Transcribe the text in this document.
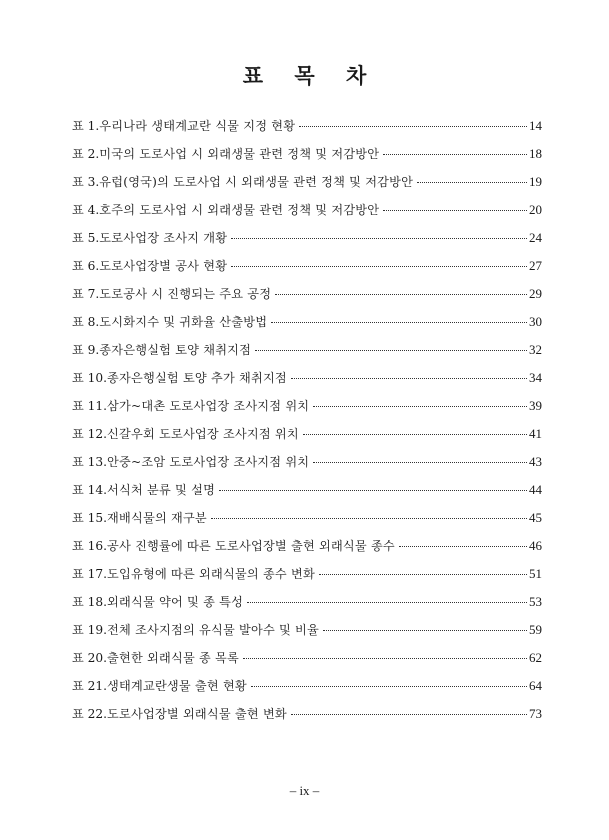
표 목 차
표 1. 우리나라 생태계교란 식물 지정 현황	14
표 2. 미국의 도로사업 시 외래생물 관련 정책 및 저감방안	18
표 3. 유럽(영국)의 도로사업 시 외래생물 관련 정책 및 저감방안	19
표 4. 호주의 도로사업 시 외래생물 관련 정책 및 저감방안	20
표 5. 도로사업장 조사지 개황	24
표 6. 도로사업장별 공사 현황	27
표 7. 도로공사 시 진행되는 주요 공정	29
표 8. 도시화지수 및 귀화율 산출방법	30
표 9. 종자은행실험 토양 채취지점	32
표 10. 종자은행실험 토양 추가 채취지점	34
표 11. 삼가~대촌 도로사업장 조사지점 위치	39
표 12. 신갈우회 도로사업장 조사지점 위치	41
표 13. 안중~조암 도로사업장 조사지점 위치	43
표 14. 서식처 분류 및 설명	44
표 15. 재배식물의 재구분	45
표 16. 공사 진행률에 따른 도로사업장별 출현 외래식물 종수	46
표 17. 도입유형에 따른 외래식물의 종수 변화	51
표 18. 외래식물 약어 및 종 특성	53
표 19. 전체 조사지점의 유식물 발아수 및 비율	59
표 20. 출현한 외래식물 종 목록	62
표 21. 생태계교란생물 출현 현황	64
표 22. 도로사업장별 외래식물 출현 변화	73
– ix –
